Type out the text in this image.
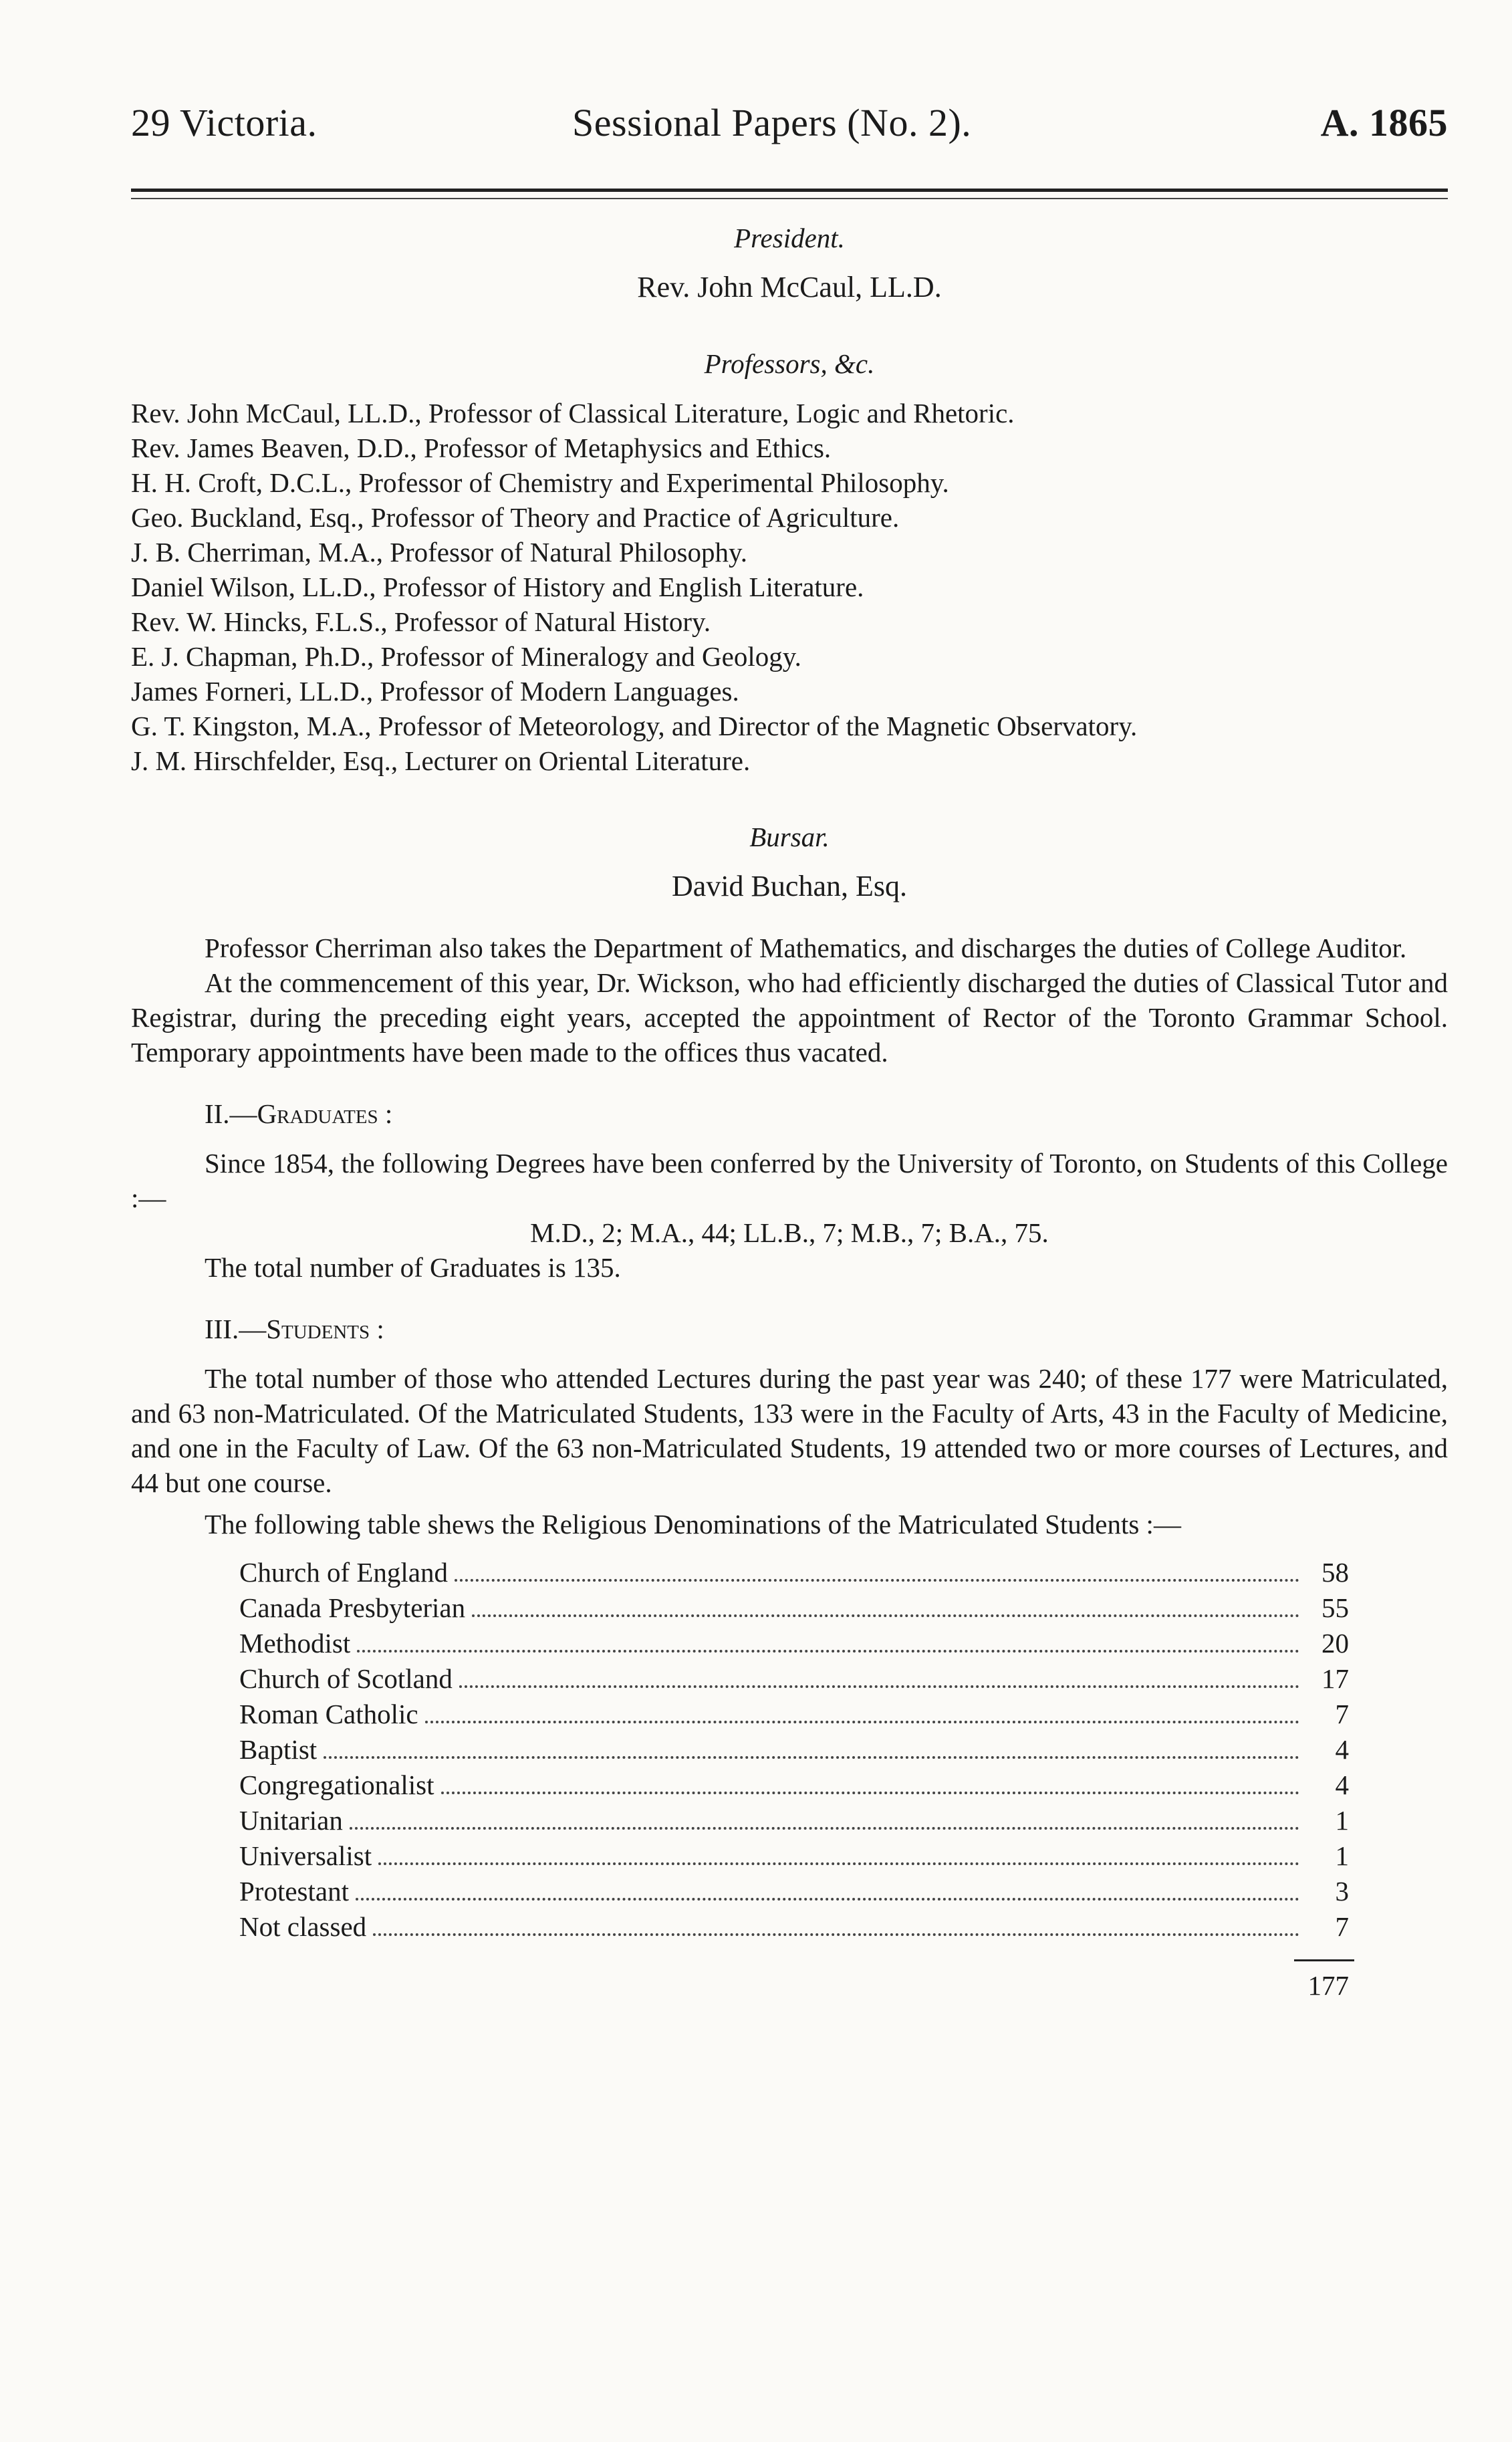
29 Victoria.	Sessional Papers (No. 2).	A. 1865
President.
Rev. John McCaul, LL.D.
Professors, &c.
Rev. John McCaul, LL.D., Professor of Classical Literature, Logic and Rhetoric.
Rev. James Beaven, D.D., Professor of Metaphysics and Ethics.
H. H. Croft, D.C.L., Professor of Chemistry and Experimental Philosophy.
Geo. Buckland, Esq., Professor of Theory and Practice of Agriculture.
J. B. Cherriman, M.A., Professor of Natural Philosophy.
Daniel Wilson, LL.D., Professor of History and English Literature.
Rev. W. Hincks, F.L.S., Professor of Natural History.
E. J. Chapman, Ph.D., Professor of Mineralogy and Geology.
James Forneri, LL.D., Professor of Modern Languages.
G. T. Kingston, M.A., Professor of Meteorology, and Director of the Magnetic Observatory.
J. M. Hirschfelder, Esq., Lecturer on Oriental Literature.
Bursar.
David Buchan, Esq.

Professor Cherriman also takes the Department of Mathematics, and discharges the duties of College Auditor.

At the commencement of this year, Dr. Wickson, who had efficiently discharged the duties of Classical Tutor and Registrar, during the preceding eight years, accepted the appointment of Rector of the Toronto Grammar School. Temporary appointments have been made to the offices thus vacated.

II.—Graduates :

Since 1854, the following Degrees have been conferred by the University of Toronto, on Students of this College :—

M.D., 2; M.A., 44; LL.B., 7; M.B., 7; B.A., 75.

The total number of Graduates is 135.

III.—Students :

The total number of those who attended Lectures during the past year was 240; of these 177 were Matriculated, and 63 non-Matriculated. Of the Matriculated Students, 133 were in the Faculty of Arts, 43 in the Faculty of Medicine, and one in the Faculty of Law. Of the 63 non-Matriculated Students, 19 attended two or more courses of Lectures, and 44 but one course.

The following table shews the Religious Denominations of the Matriculated Students :—

Church of England	58
Canada Presbyterian	55
Methodist	20
Church of Scotland	17
Roman Catholic	7
Baptist	4
Congregationalist	4
Unitarian	1
Universalist	1
Protestant	3
Not classed	7
177
